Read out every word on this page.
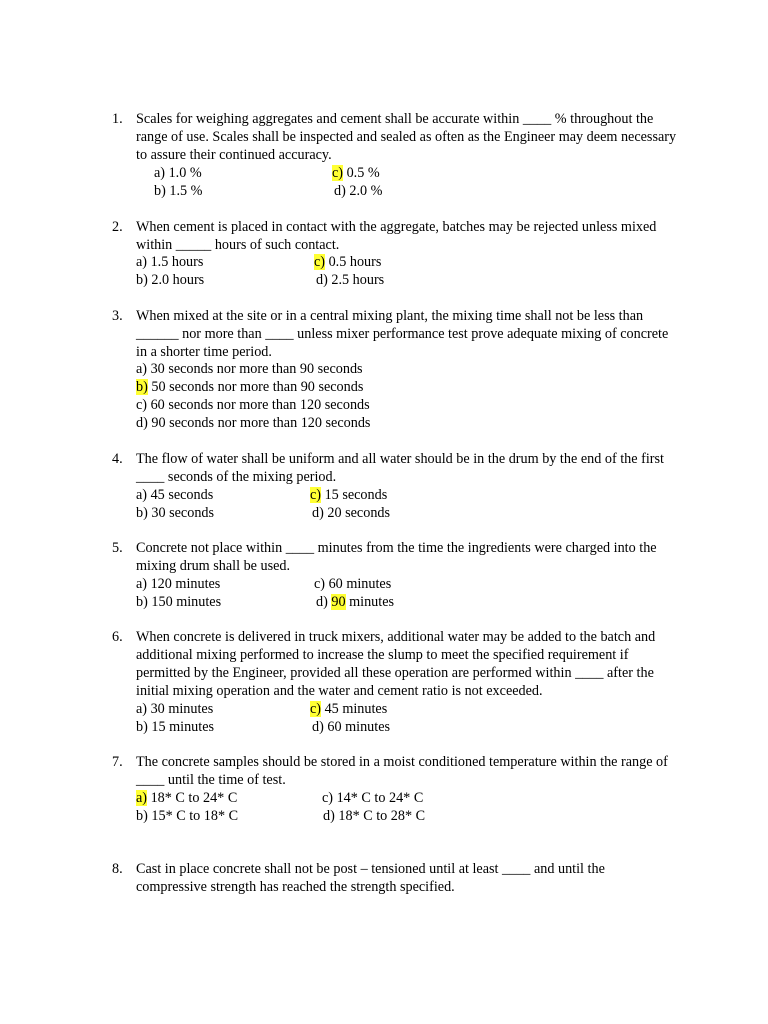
1. Scales for weighing aggregates and cement shall be accurate within ____ % throughout the
range of use. Scales shall be inspected and sealed as often as the Engineer may deem necessary
to assure their continued accuracy.
a) 1.0 %	c) 0.5 %
b) 1.5 %	d) 2.0 %
2. When cement is placed in contact with the aggregate, batches may be rejected unless mixed
within _____ hours of such contact.
a) 1.5 hours	c) 0.5 hours
b) 2.0 hours	d) 2.5 hours
3. When mixed at the site or in a central mixing plant, the mixing time shall not be less than
______ nor more than ____ unless mixer performance test prove adequate mixing of concrete
in a shorter time period.
a) 30 seconds nor more than 90 seconds
b) 50 seconds nor more than 90 seconds
c) 60 seconds nor more than 120 seconds
d) 90 seconds nor more than 120 seconds
4. The flow of water shall be uniform and all water should be in the drum by the end of the first
____ seconds of the mixing period.
a) 45 seconds	c) 15 seconds
b) 30 seconds	d) 20 seconds
5. Concrete not place within ____ minutes from the time the ingredients were charged into the
mixing drum shall be used.
a) 120 minutes	c) 60 minutes
b) 150 minutes	d) 90 minutes
6. When concrete is delivered in truck mixers, additional water may be added to the batch and
additional mixing performed to increase the slump to meet the specified requirement if
permitted by the Engineer, provided all these operation are performed within ____ after the
initial mixing operation and the water and cement ratio is not exceeded.
a) 30 minutes	c) 45 minutes
b) 15 minutes	d) 60 minutes
7. The concrete samples should be stored in a moist conditioned temperature within the range of
____ until the time of test.
a) 18* C to 24* C	c) 14* C to 24* C
b) 15* C to 18* C	d) 18* C to 28* C
8. Cast in place concrete shall not be post – tensioned until at least ____ and until the
compressive strength has reached the strength specified.
